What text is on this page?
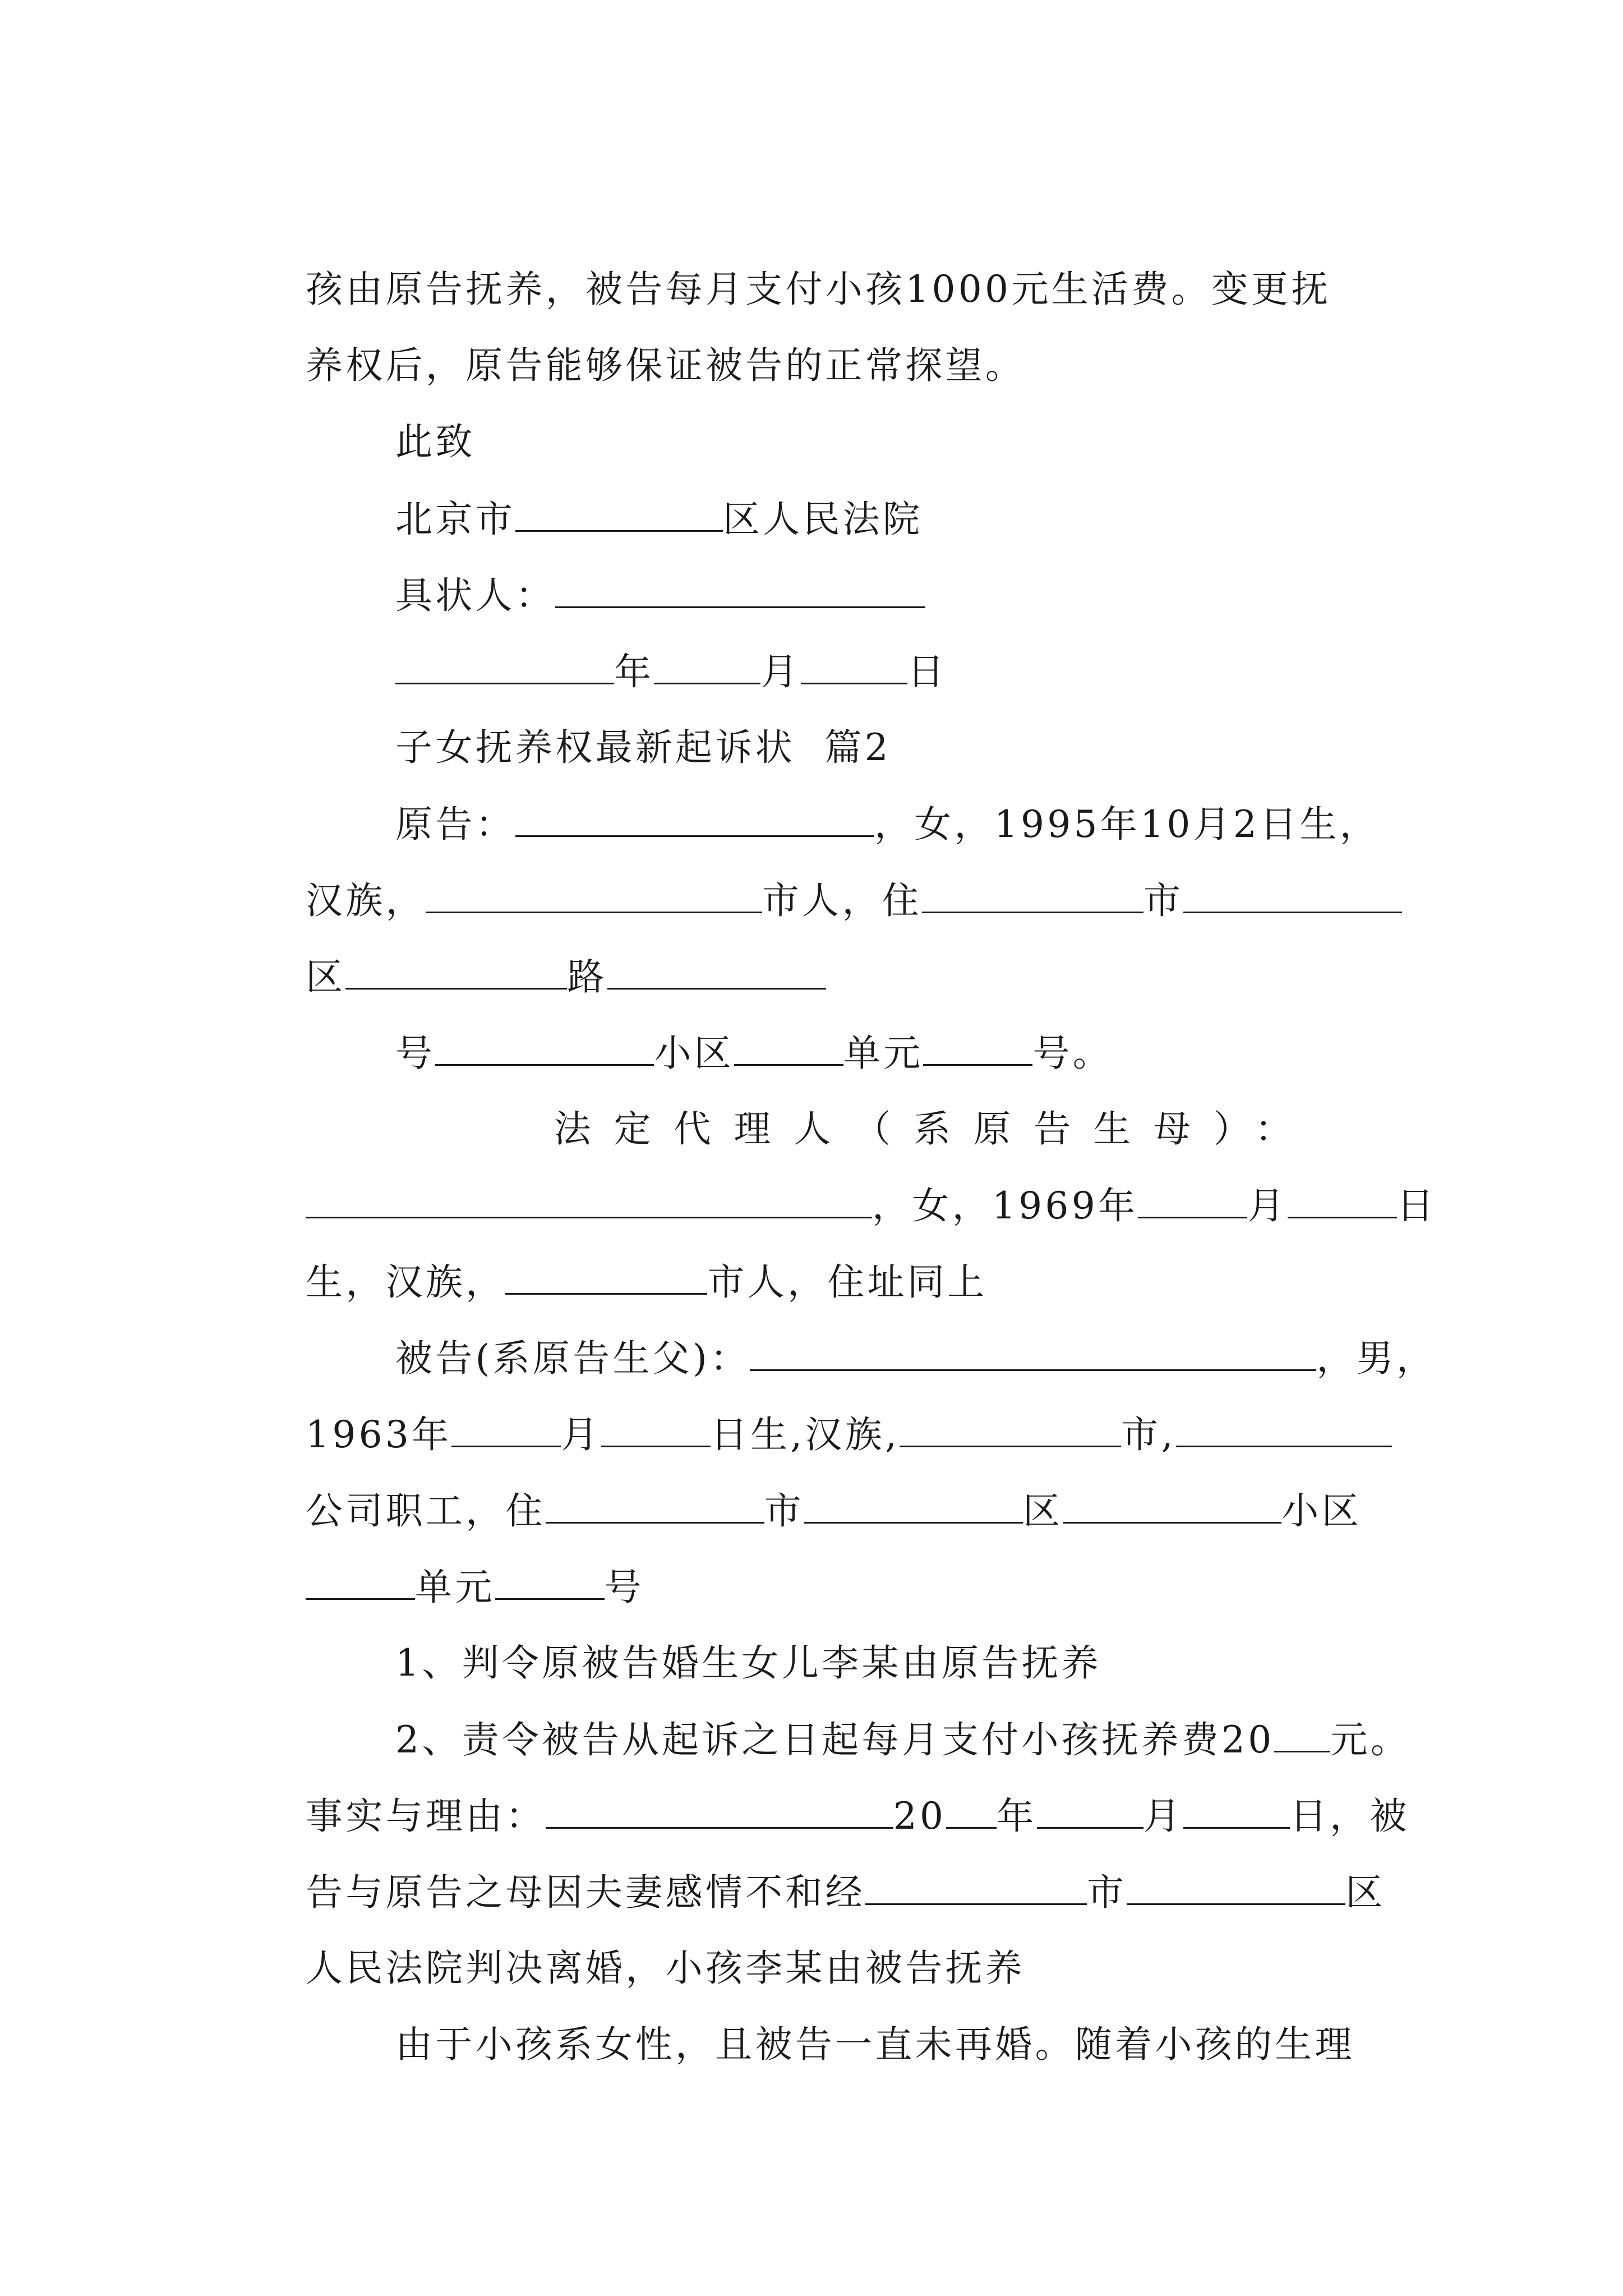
孩由原告抚养，被告每月支付小孩1000元生活费。变更抚

养权后，原告能够保证被告的正常探望。

此致

北京市	区人民法院

具状人：

年	月	日

子女抚养权最新起诉状  篇2

原告：	，女，1995年10月2日生，

汉族，	市人，住	市

区	路

号	小区	单元	号。

法定代理人（系原告生母）：

，女，1969年	月	日

生，汉族，	市人，住址同上

被告(系原告生父)：	，男，

1963年	月	日生,汉族,	市,

公司职工，住	市	区	小区

单元	号

1、判令原被告婚生女儿李某由原告抚养

2、责令被告从起诉之日起每月支付小孩抚养费20 元。

事实与理由：	20 年	月	日，被

告与原告之母因夫妻感情不和经	市	区

人民法院判决离婚，小孩李某由被告抚养

由于小孩系女性，且被告一直未再婚。随着小孩的生理
